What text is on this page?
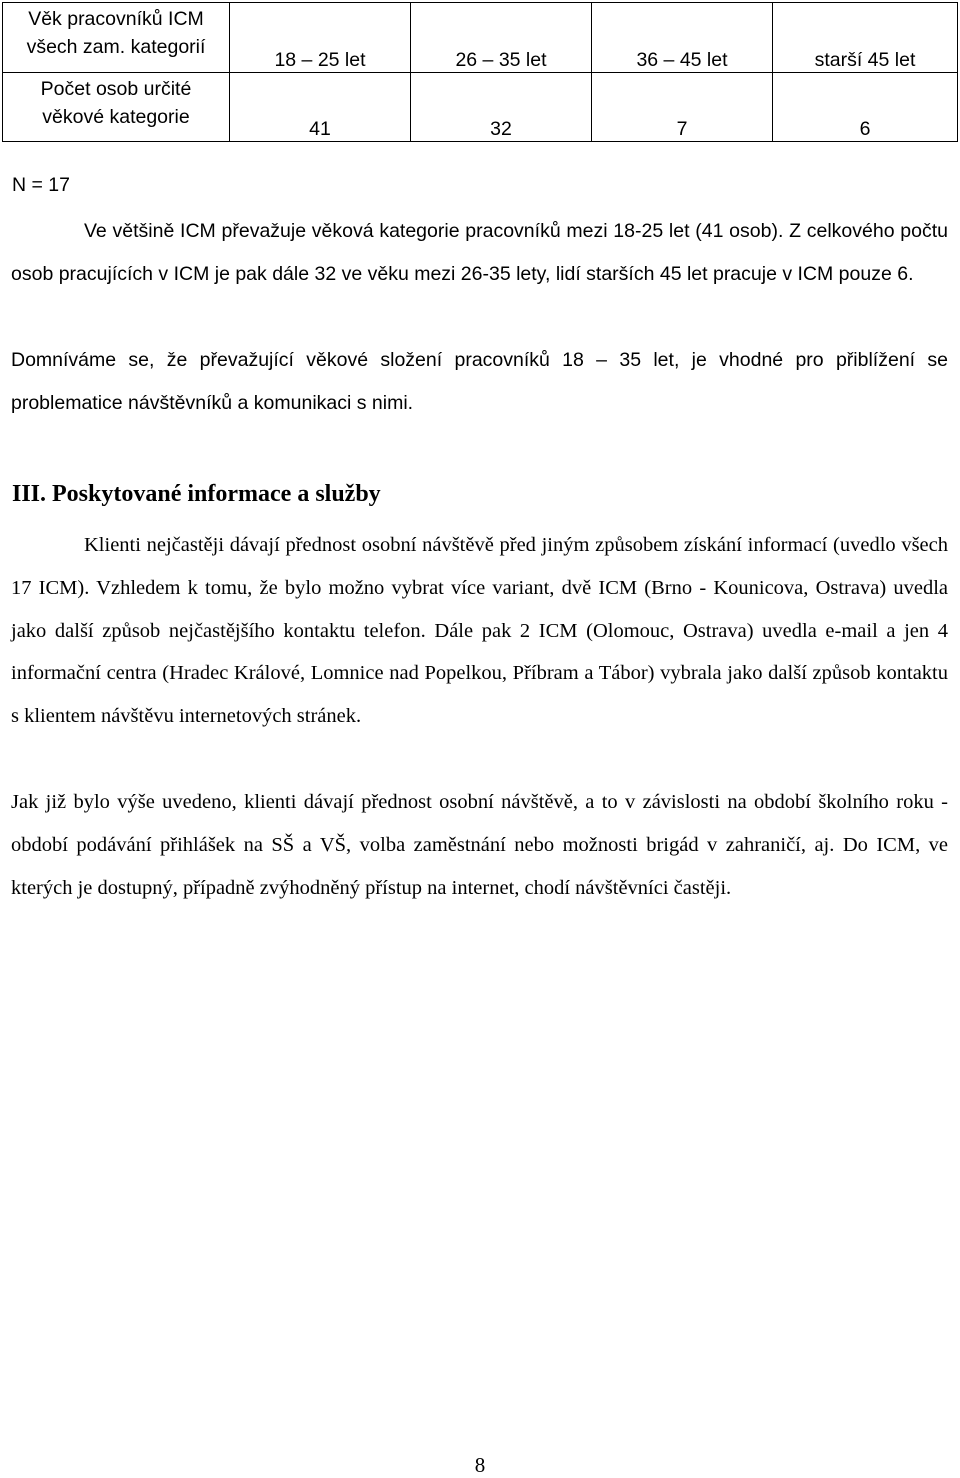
Věk pracovníků ICM
všech zam. kategorií	18 – 25 let	26 – 35 let	36 – 45 let	starší 45 let

Počet osob určité
věkové kategorie	41	32	7	6
N = 17
Ve většině ICM převažuje věková kategorie pracovníků mezi 18-25 let (41 osob). Z celkového počtu osob pracujících v ICM je pak dále 32 ve věku mezi 26-35 lety, lidí starších 45 let pracuje v ICM pouze 6.
Domníváme se, že převažující věkové složení pracovníků 18 – 35 let, je vhodné pro přiblížení se problematice návštěvníků a komunikaci s nimi.
III. Poskytované informace a služby
Klienti nejčastěji dávají přednost osobní návštěvě před jiným způsobem získání informací (uvedlo všech 17 ICM). Vzhledem k tomu, že bylo možno vybrat více variant, dvě ICM (Brno - Kounicova, Ostrava) uvedla jako další způsob nejčastějšího kontaktu telefon. Dále pak 2 ICM (Olomouc, Ostrava) uvedla e-mail a jen 4 informační centra (Hradec Králové, Lomnice nad Popelkou, Příbram a Tábor) vybrala jako další způsob kontaktu s klientem návštěvu internetových stránek.
Jak již bylo výše uvedeno, klienti dávají přednost osobní návštěvě, a to v závislosti na období školního roku - období podávání přihlášek na SŠ a VŠ, volba zaměstnání nebo možnosti brigád v zahraničí, aj. Do ICM, ve kterých je dostupný, případně zvýhodněný přístup na internet, chodí návštěvníci častěji.
8
